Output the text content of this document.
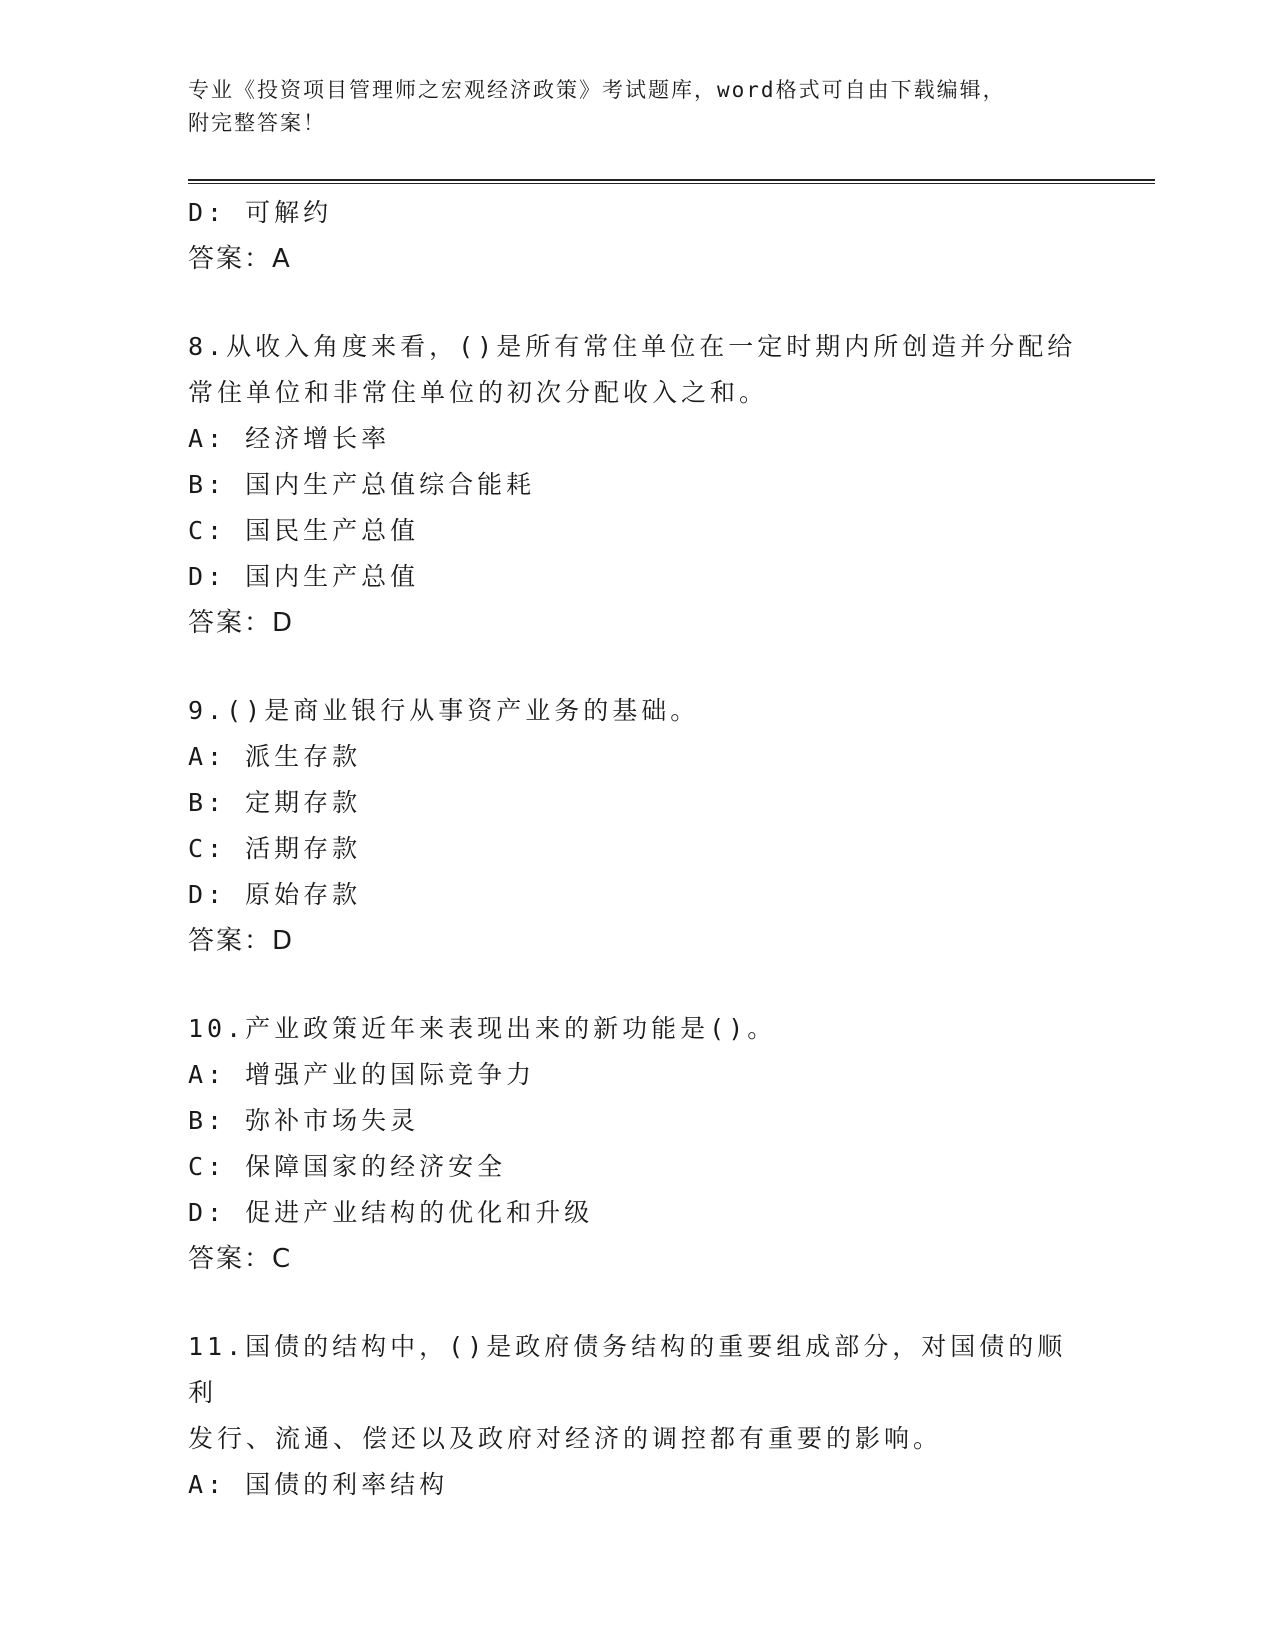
专业《投资项目管理师之宏观经济政策》考试题库，word格式可自由下载编辑，
附完整答案！
D: 可解约
答案：A
8.从收入角度来看，()是所有常住单位在一定时期内所创造并分配给
常住单位和非常住单位的初次分配收入之和。
A: 经济增长率
B: 国内生产总值综合能耗
C: 国民生产总值
D: 国内生产总值
答案：D
9.()是商业银行从事资产业务的基础。
A: 派生存款
B: 定期存款
C: 活期存款
D: 原始存款
答案：D
10.产业政策近年来表现出来的新功能是()。
A: 增强产业的国际竞争力
B: 弥补市场失灵
C: 保障国家的经济安全
D: 促进产业结构的优化和升级
答案：C
11.国债的结构中，()是政府债务结构的重要组成部分，对国债的顺利
发行、流通、偿还以及政府对经济的调控都有重要的影响。
A: 国债的利率结构
